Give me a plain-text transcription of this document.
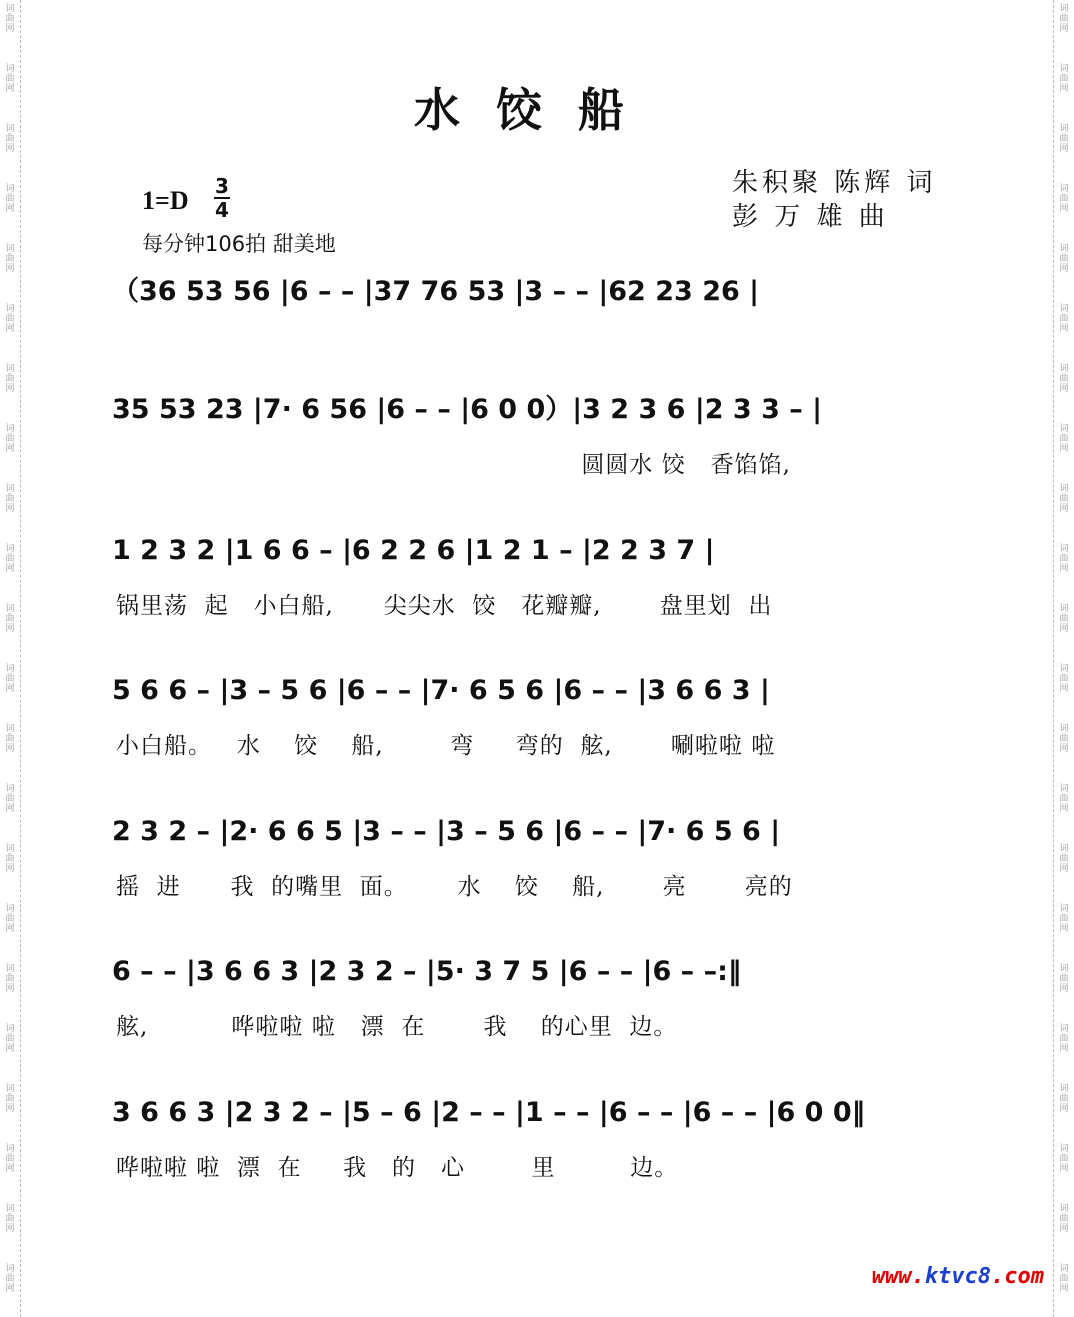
词曲网
词曲网
词曲网
词曲网
词曲网
词曲网
词曲网
词曲网
词曲网
词曲网
词曲网
词曲网
词曲网
词曲网
词曲网
词曲网
词曲网
词曲网
词曲网
词曲网
词曲网
词曲网
词曲网
词曲网
词曲网
词曲网
词曲网
词曲网
词曲网
词曲网
词曲网
词曲网
词曲网
词曲网
词曲网
词曲网
词曲网
词曲网
词曲网
词曲网
词曲网
词曲网
词曲网
词曲网
水饺船
1=D 3
4
每分钟106拍 甜美地
朱积聚 陈辉 词
彭 万 雄 曲
（36 53 56 |6 – – |37 76 53 |3 – – |62 23 26 |
35 53 23 |7· 6 56 |6 – – |6 0 0）|3 2 3 6 |2 3 3 – |
圆圆水 饺   香馅馅,
1 2 3 2 |1 6 6 – |6 2 2 6 |1 2 1 – |2 2 3 7 |
锅里荡  起   小白船,      尖尖水  饺   花瓣瓣,       盘里划  出
5 6 6 – |3 – 5 6 |6 – – |7· 6 5 6 |6 – – |3 6 6 3 |
小白船。   水    饺    船,        弯     弯的  舷,       唰啦啦 啦
2 3 2 – |2· 6 6 5 |3 – – |3 – 5 6 |6 – – |7· 6 5 6 |
摇  进      我  的嘴里  面。      水    饺    船,       亮       亮的
6 – – |3 6 6 3 |2 3 2 – |5· 3 7 5 |6 – – |6 – –:‖
舷,          哗啦啦 啦   漂  在       我    的心里  边。
3 6 6 3 |2 3 2 – |5 – 6 |2 – – |1 – – |6 – – |6 – – |6 0 0‖
哗啦啦 啦  漂  在     我   的   心        里         边。
www.ktvc8.com
